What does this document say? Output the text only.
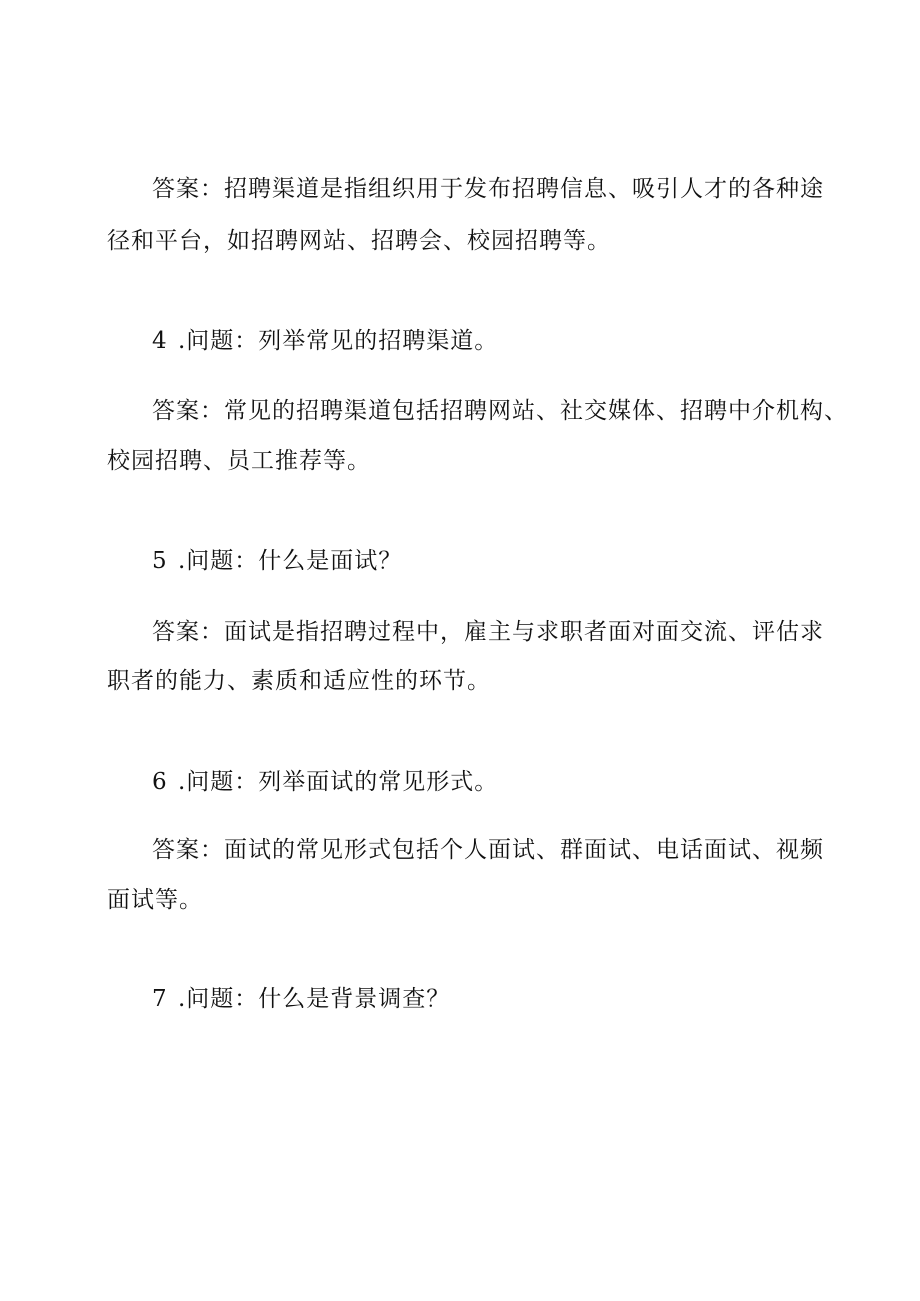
答案：招聘渠道是指组织用于发布招聘信息、吸引人才的各种途
径和平台，如招聘网站、招聘会、校园招聘等。
4 .问题：列举常见的招聘渠道。
答案：常见的招聘渠道包括招聘网站、社交媒体、招聘中介机构、
校园招聘、员工推荐等。
5 .问题：什么是面试？
答案：面试是指招聘过程中，雇主与求职者面对面交流、评估求
职者的能力、素质和适应性的环节。
6 .问题：列举面试的常见形式。
答案：面试的常见形式包括个人面试、群面试、电话面试、视频
面试等。
7 .问题：什么是背景调查？
